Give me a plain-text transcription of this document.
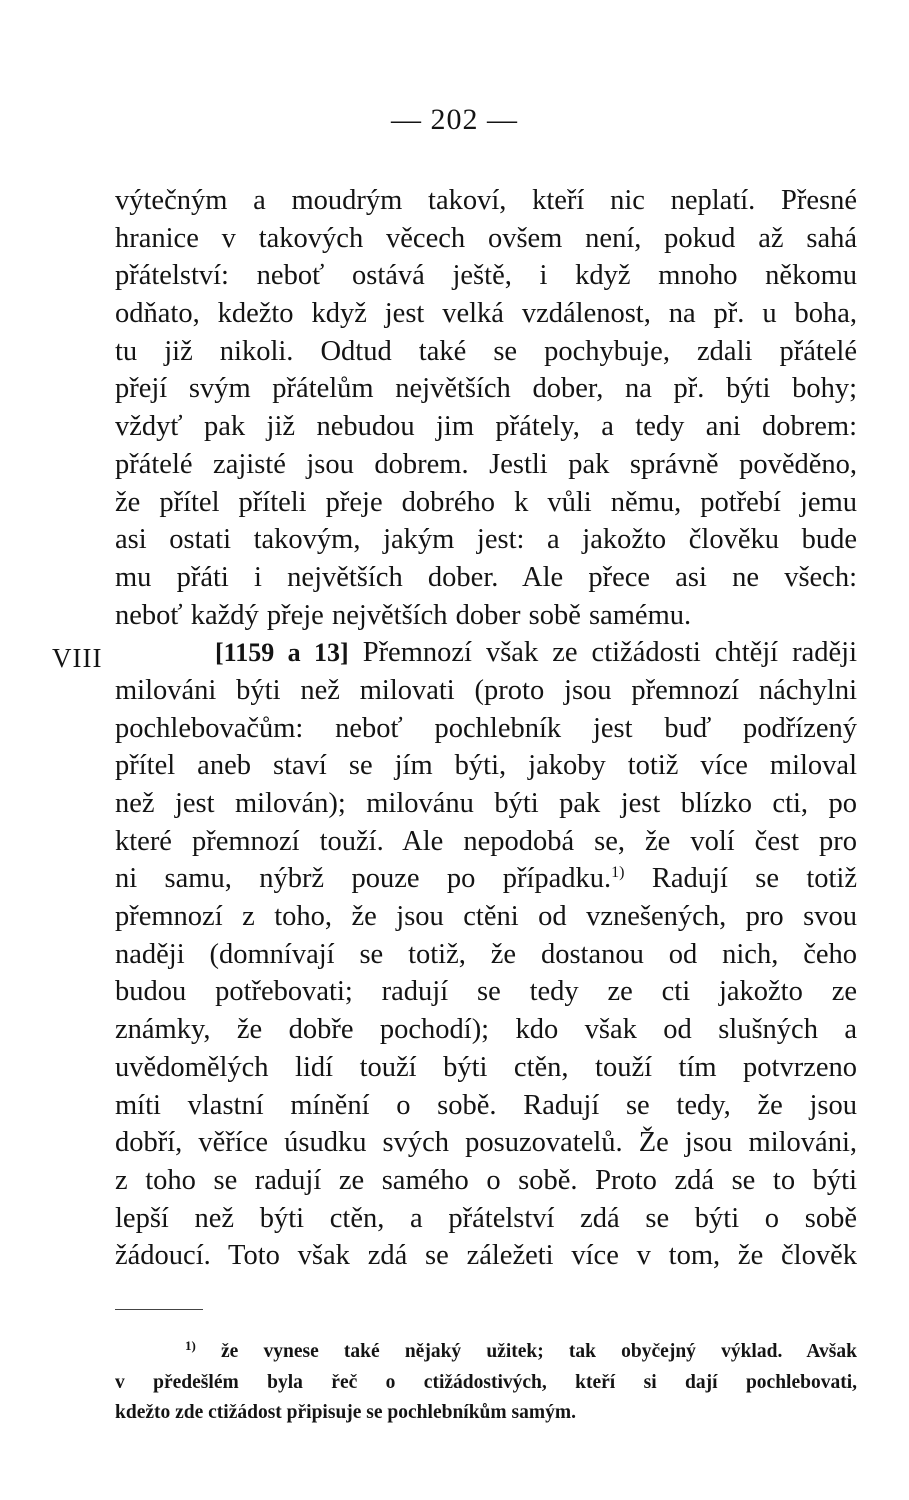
— 202 —
VIII
výtečným a moudrým takoví, kteří nic neplatí. Přesné
hranice v takových věcech ovšem není, pokud až sahá
přátelství: neboť ostává ještě, i když mnoho někomu
odňato, kdežto když jest velká vzdálenost, na př. u boha,
tu již nikoli. Odtud také se pochybuje, zdali přátelé
přejí svým přátelům největších dober, na př. býti bohy;
vždyť pak již nebudou jim přátely, a tedy ani dobrem:
přátelé zajisté jsou dobrem. Jestli pak správně pověděno,
že přítel příteli přeje dobrého k vůli němu, potřebí jemu
asi ostati takovým, jakým jest: a jakožto člověku bude
mu přáti i největších dober. Ale přece asi ne všech:
neboť každý přeje největších dober sobě samému.
[1159 a 13] Přemnozí však ze ctižádosti chtějí raději
milováni býti než milovati (proto jsou přemnozí náchylni
pochlebovačům: neboť pochlebník jest buď podřízený
přítel aneb staví se jím býti, jakoby totiž více miloval
než jest milován); milovánu býti pak jest blízko cti, po
které přemnozí touží. Ale nepodobá se, že volí čest pro
ni samu, nýbrž pouze po případku.$^{1)}$ Radují se totiž
přemnozí z toho, že jsou ctěni od vznešených, pro svou
naději (domnívají se totiž, že dostanou od nich, čeho
budou potřebovati; radují se tedy ze cti jakožto ze
známky, že dobře pochodí); kdo však od slušných a
uvědomělých lidí touží býti ctěn, touží tím potvrzeno
míti vlastní mínění o sobě. Radují se tedy, že jsou
dobří, věříce úsudku svých posuzovatelů. Že jsou milováni,
z toho se radují ze samého o sobě. Proto zdá se to býti
lepší než býti ctěn, a přátelství zdá se býti o sobě
žádoucí. Toto však zdá se záležeti více v tom, že člověk
$^{1)}$ že vynese také nějaký užitek; tak obyčejný výklad. Avšak
v předešlém byla řeč o ctižádostivých, kteří si dají pochlebovati,
kdežto zde ctižádost připisuje se pochlebníkům samým.
